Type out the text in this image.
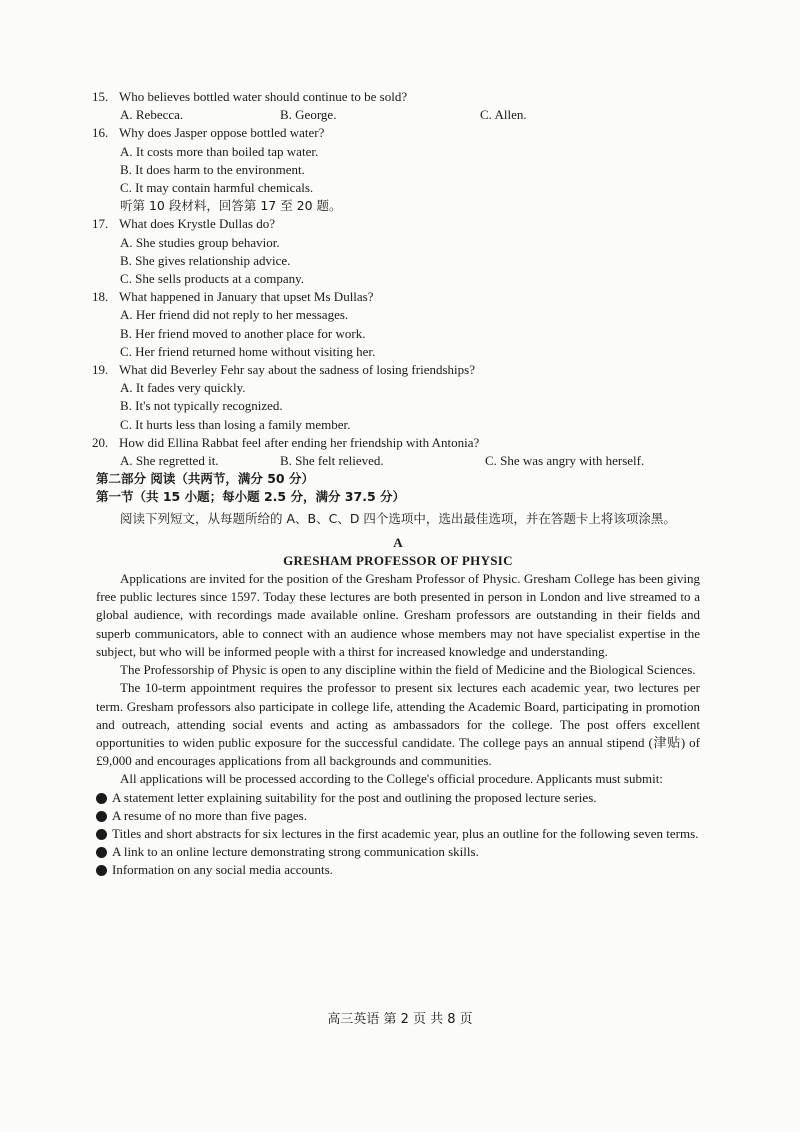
15. Who believes bottled water should continue to be sold?
A. Rebecca.	B. George.	C. Allen.
16. Why does Jasper oppose bottled water?
A. It costs more than boiled tap water.
B. It does harm to the environment.
C. It may contain harmful chemicals.
听第 10 段材料，回答第 17 至 20 题。
17. What does Krystle Dullas do?
A. She studies group behavior.
B. She gives relationship advice.
C. She sells products at a company.
18. What happened in January that upset Ms Dullas?
A. Her friend did not reply to her messages.
B. Her friend moved to another place for work.
C. Her friend returned home without visiting her.
19. What did Beverley Fehr say about the sadness of losing friendships?
A. It fades very quickly.
B. It's not typically recognized.
C. It hurts less than losing a family member.
20. How did Ellina Rabbat feel after ending her friendship with Antonia?
A. She regretted it.	B. She felt relieved.	C. She was angry with herself.
第二部分 阅读（共两节，满分 50 分）
第一节（共 15 小题；每小题 2.5 分，满分 37.5 分）
阅读下列短文，从每题所给的 A、B、C、D 四个选项中，选出最佳选项，并在答题卡上将该项涂黑。
A
GRESHAM PROFESSOR OF PHYSIC
Applications are invited for the position of the Gresham Professor of Physic. Gresham College has been giving free public lectures since 1597. Today these lectures are both presented in person in London and live streamed to a global audience, with recordings made available online. Gresham professors are outstanding in their fields and superb communicators, able to connect with an audience whose members may not have specialist expertise in the subject, but who will be informed people with a thirst for increased knowledge and understanding.
The Professorship of Physic is open to any discipline within the field of Medicine and the Biological Sciences.
The 10-term appointment requires the professor to present six lectures each academic year, two lectures per term. Gresham professors also participate in college life, attending the Academic Board, participating in promotion and outreach, attending social events and acting as ambassadors for the college. The post offers excellent opportunities to widen public exposure for the successful candidate. The college pays an annual stipend (津贴) of £9,000 and encourages applications from all backgrounds and communities.
All applications will be processed according to the College's official procedure. Applicants must submit:
A statement letter explaining suitability for the post and outlining the proposed lecture series.
A resume of no more than five pages.
Titles and short abstracts for six lectures in the first academic year, plus an outline for the following seven terms.
A link to an online lecture demonstrating strong communication skills.
Information on any social media accounts.
高三英语 第 2 页 共 8 页
